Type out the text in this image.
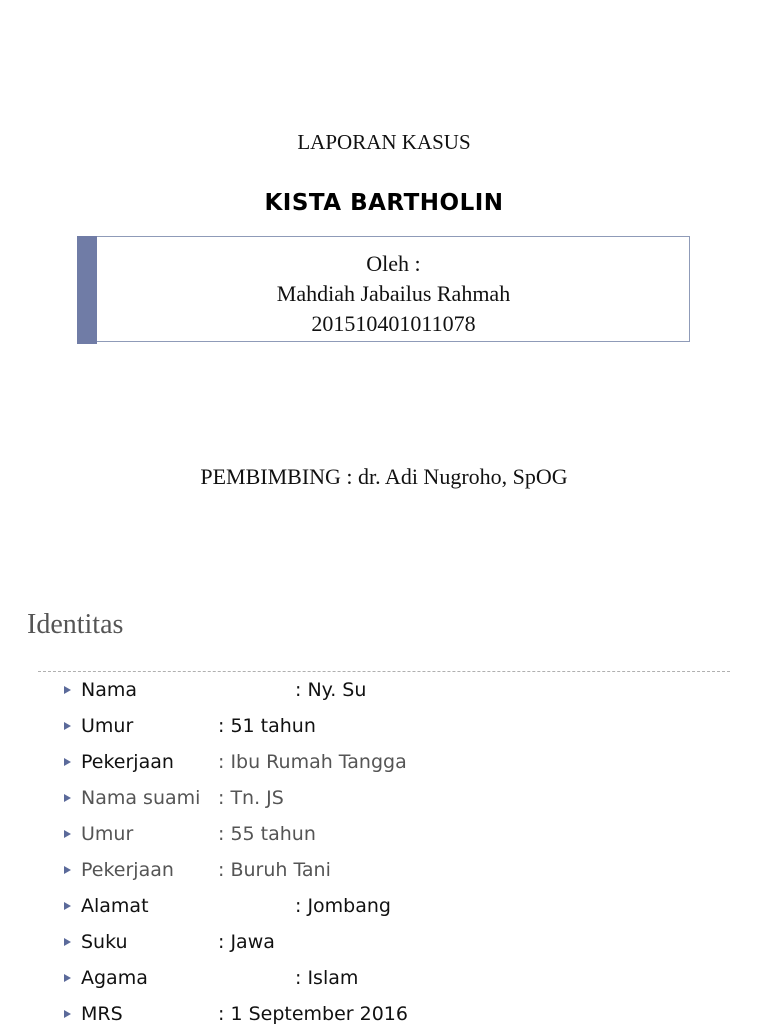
LAPORAN KASUS
KISTA BARTHOLIN
Oleh :
Mahdiah Jabailus Rahmah
201510401011078
PEMBIMBING : dr. Adi Nugroho, SpOG
Identitas
Nama	: Ny. Su
Umur	: 51 tahun
Pekerjaan : Ibu Rumah Tangga
Nama suami : Tn. JS
Umur	: 55 tahun
Pekerjaan : Buruh Tani
Alamat	: Jombang
Suku	: Jawa
Agama	: Islam
MRS	: 1 September 2016
